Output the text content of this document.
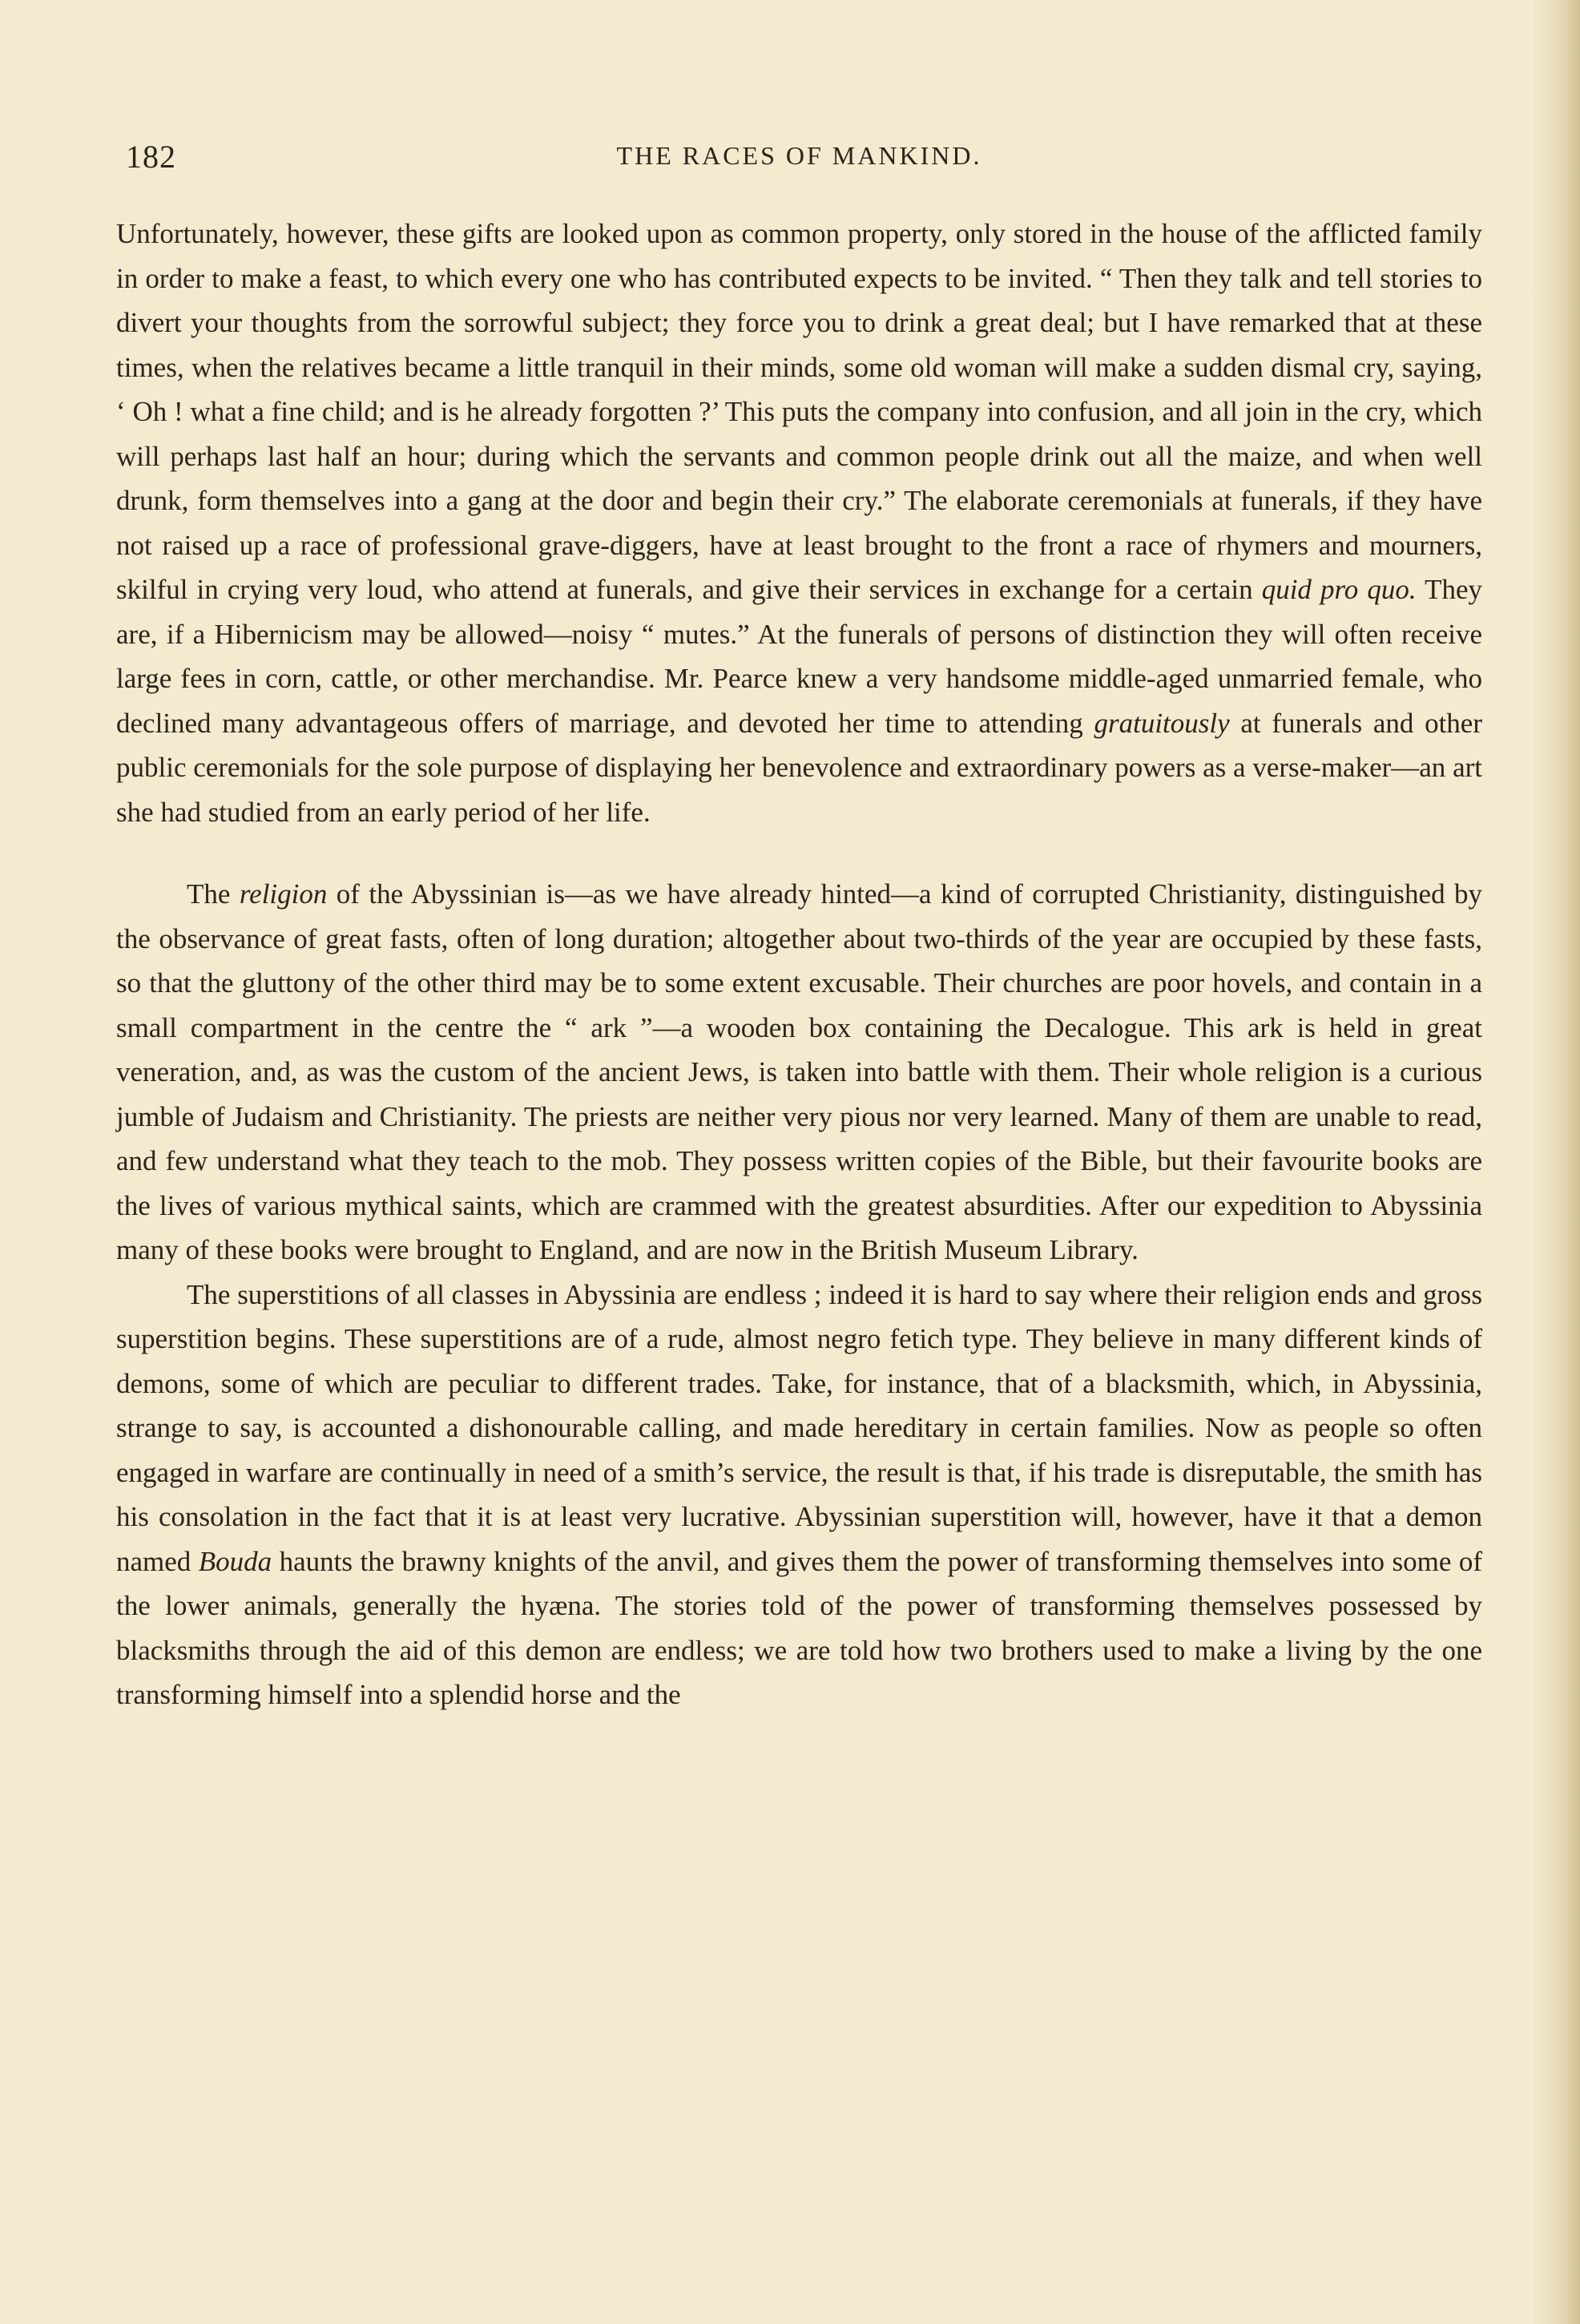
182	THE RACES OF MANKIND.

Unfortunately, however, these gifts are looked upon as common property, only stored in the house of the afflicted family in order to make a feast, to which every one who has contributed expects to be invited. “ Then they talk and tell stories to divert your thoughts from the sorrowful subject; they force you to drink a great deal; but I have remarked that at these times, when the relatives became a little tranquil in their minds, some old woman will make a sudden dismal cry, saying, ‘ Oh ! what a fine child; and is he already forgotten ?’ This puts the company into confusion, and all join in the cry, which will perhaps last half an hour; during which the servants and common people drink out all the maize, and when well drunk, form themselves into a gang at the door and begin their cry.” The elaborate ceremonials at funerals, if they have not raised up a race of professional grave-diggers, have at least brought to the front a race of rhymers and mourners, skilful in crying very loud, who attend at funerals, and give their services in exchange for a certain quid pro quo. They are, if a Hibernicism may be allowed—noisy “ mutes.” At the funerals of persons of distinction they will often receive large fees in corn, cattle, or other merchandise. Mr. Pearce knew a very handsome middle-aged unmarried female, who declined many advantageous offers of marriage, and devoted her time to attending gratuitously at funerals and other public ceremonials for the sole purpose of displaying her benevolence and extraordinary powers as a verse-maker—an art she had studied from an early period of her life.

The religion of the Abyssinian is—as we have already hinted—a kind of corrupted Christianity, distinguished by the observance of great fasts, often of long duration; altogether about two-thirds of the year are occupied by these fasts, so that the gluttony of the other third may be to some extent excusable. Their churches are poor hovels, and contain in a small compartment in the centre the “ ark ”—a wooden box containing the Decalogue. This ark is held in great veneration, and, as was the custom of the ancient Jews, is taken into battle with them. Their whole religion is a curious jumble of Judaism and Christianity. The priests are neither very pious nor very learned. Many of them are unable to read, and few understand what they teach to the mob. They possess written copies of the Bible, but their favourite books are the lives of various mythical saints, which are crammed with the greatest absurdities. After our expedition to Abyssinia many of these books were brought to England, and are now in the British Museum Library.

The superstitions of all classes in Abyssinia are endless ; indeed it is hard to say where their religion ends and gross superstition begins. These superstitions are of a rude, almost negro fetich type. They believe in many different kinds of demons, some of which are peculiar to different trades. Take, for instance, that of a blacksmith, which, in Abyssinia, strange to say, is accounted a dishonourable calling, and made hereditary in certain families. Now as people so often engaged in warfare are continually in need of a smith’s service, the result is that, if his trade is disreputable, the smith has his consolation in the fact that it is at least very lucrative. Abyssinian superstition will, however, have it that a demon named Bouda haunts the brawny knights of the anvil, and gives them the power of transforming themselves into some of the lower animals, generally the hyæna. The stories told of the power of transforming themselves possessed by blacksmiths through the aid of this demon are endless; we are told how two brothers used to make a living by the one transforming himself into a splendid horse and the
